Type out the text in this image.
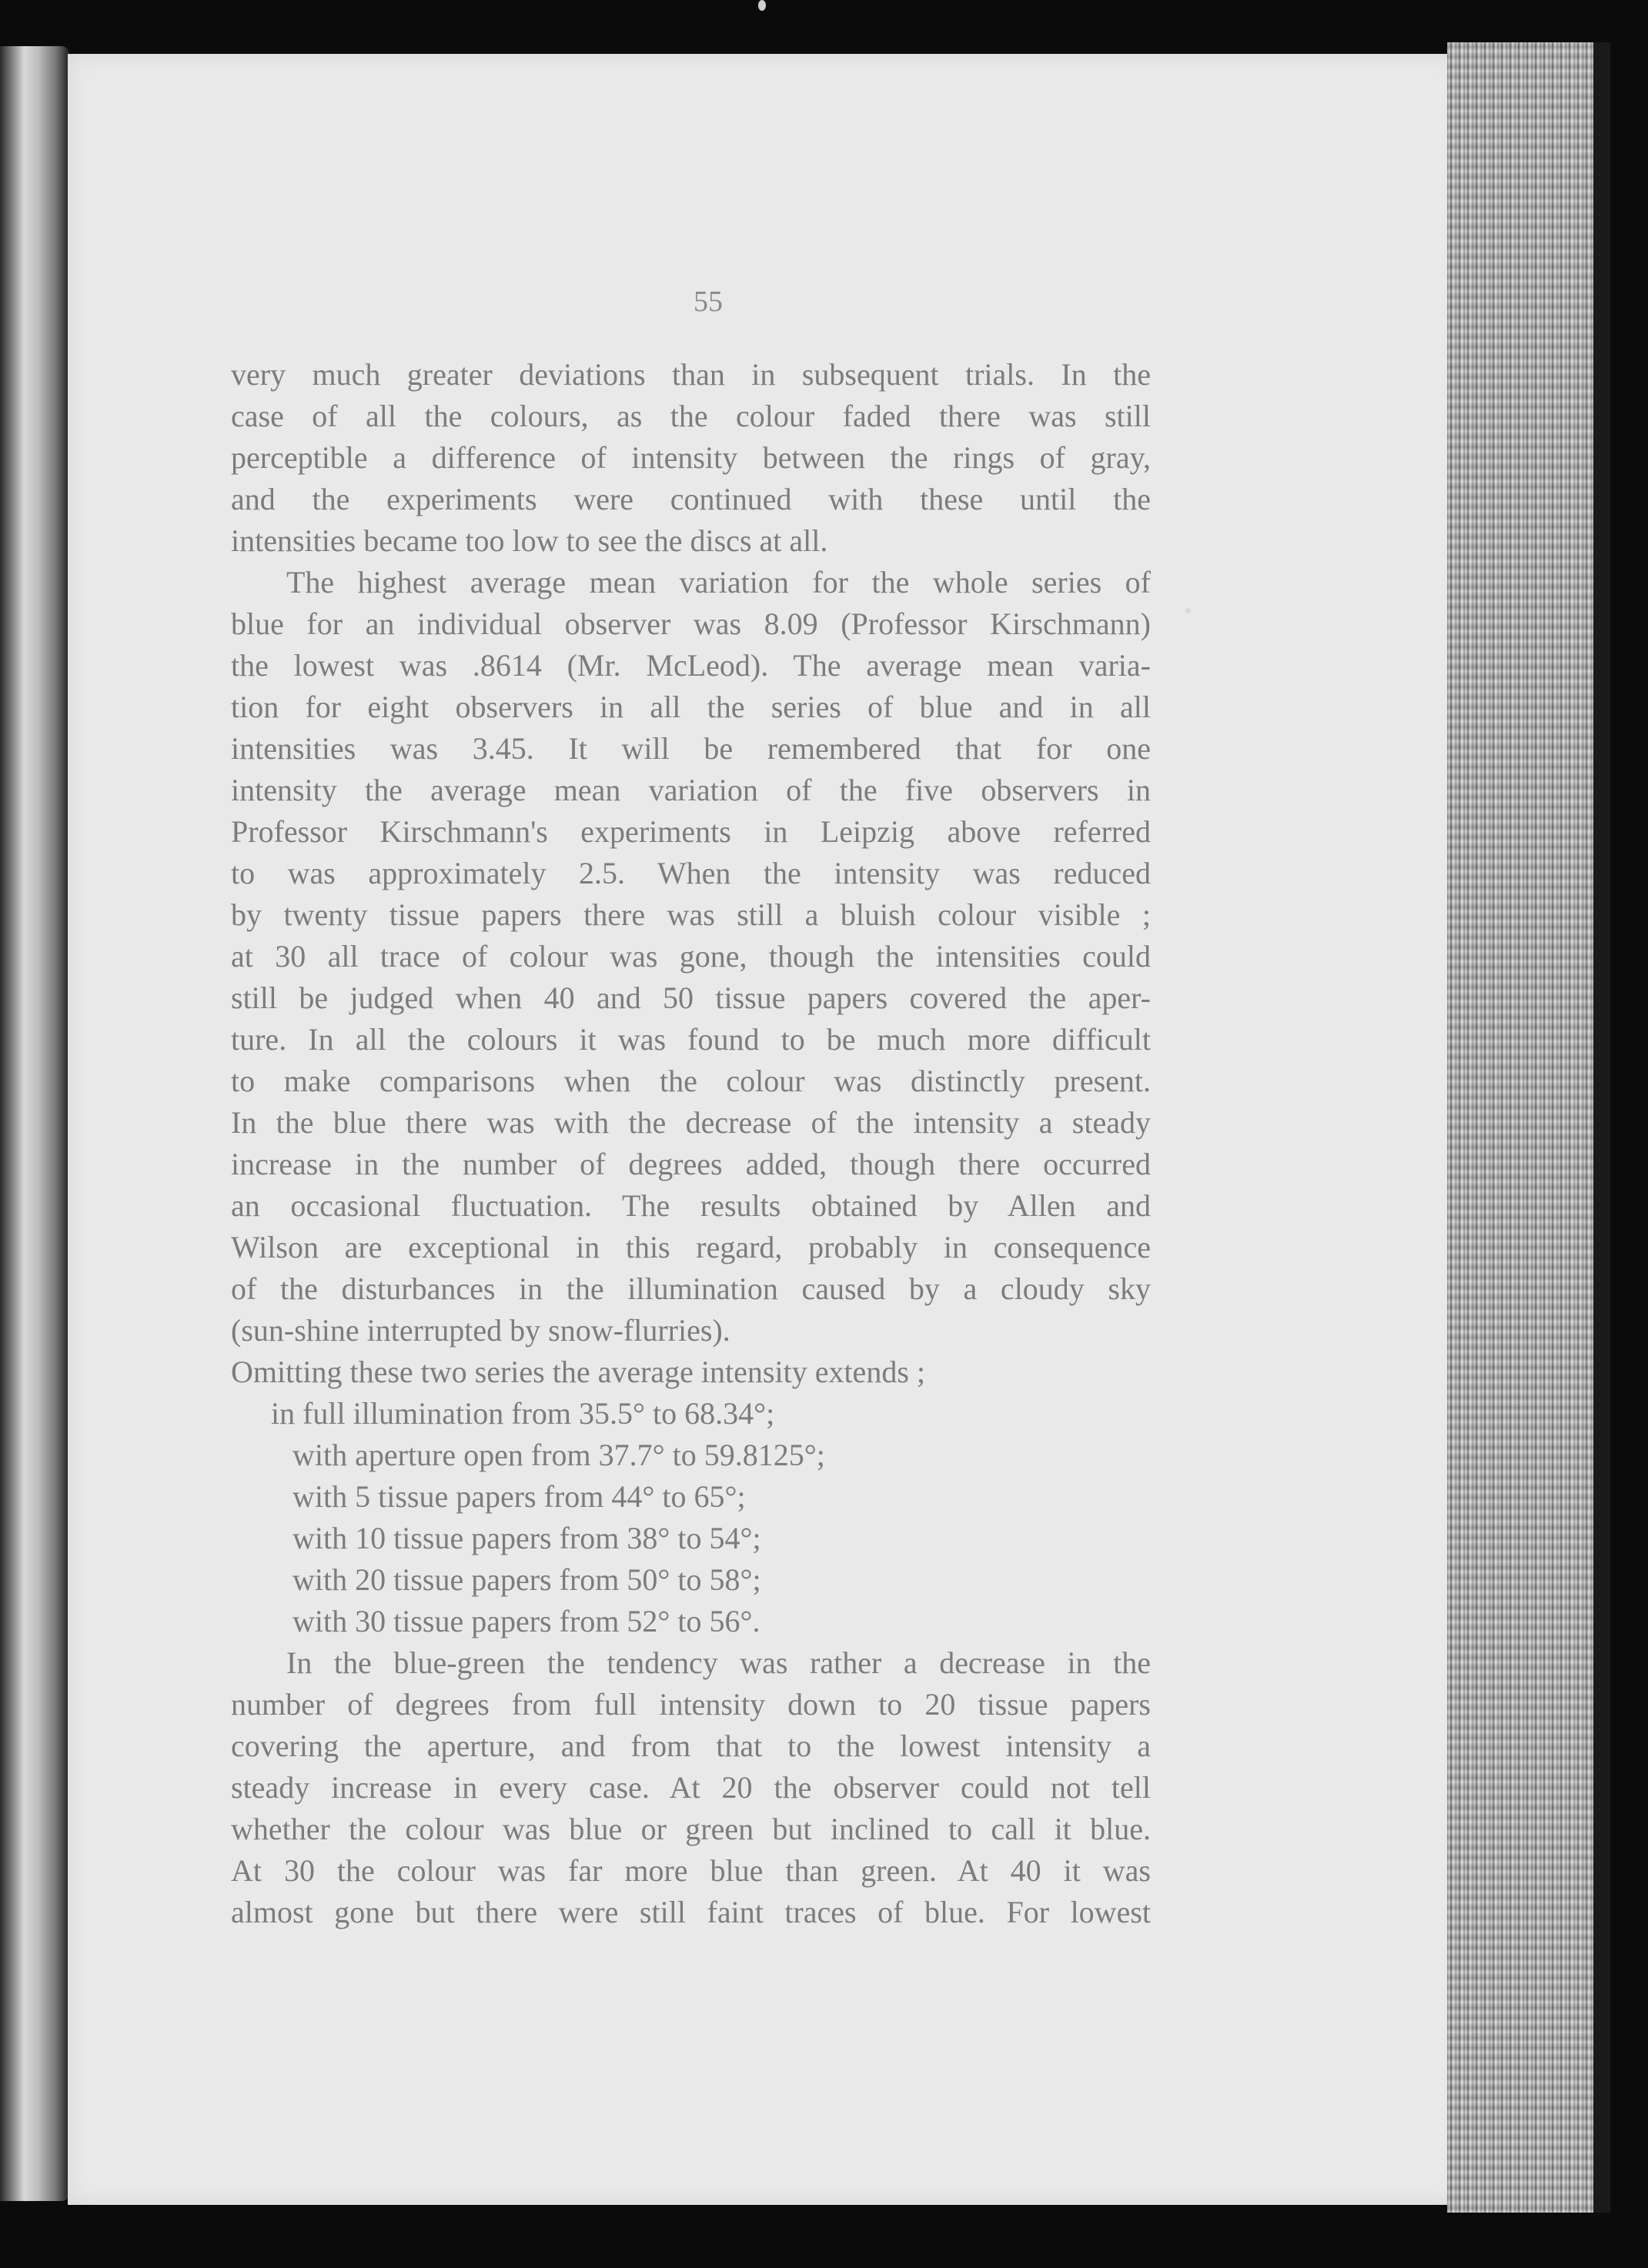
55

very much greater deviations than in subsequent trials. In the

case of all the colours, as the colour faded there was still

perceptible a difference of intensity between the rings of gray,

and the experiments were continued with these until the

intensities became too low to see the discs at all.

The highest average mean variation for the whole series of

blue for an individual observer was 8.09 (Professor Kirschmann)

the lowest was .8614 (Mr. McLeod). The average mean varia-

tion for eight observers in all the series of blue and in all

intensities was 3.45. It will be remembered that for one

intensity the average mean variation of the five observers in

Professor Kirschmann's experiments in Leipzig above referred

to was approximately 2.5. When the intensity was reduced

by twenty tissue papers there was still a bluish colour visible ;

at 30 all trace of colour was gone, though the intensities could

still be judged when 40 and 50 tissue papers covered the aper-

ture. In all the colours it was found to be much more difficult

to make comparisons when the colour was distinctly present.

In the blue there was with the decrease of the intensity a steady

increase in the number of degrees added, though there occurred

an occasional fluctuation. The results obtained by Allen and

Wilson are exceptional in this regard, probably in consequence

of the disturbances in the illumination caused by a cloudy sky

(sun-shine interrupted by snow-flurries).

Omitting these two series the average intensity extends ;
in full illumination from 35.5° to 68.34°;
with aperture open from 37.7° to 59.8125°;
with 5 tissue papers from 44° to 65°;
with 10 tissue papers from 38° to 54°;
with 20 tissue papers from 50° to 58°;
with 30 tissue papers from 52° to 56°.

In the blue-green the tendency was rather a decrease in the

number of degrees from full intensity down to 20 tissue papers

covering the aperture, and from that to the lowest intensity a

steady increase in every case. At 20 the observer could not tell

whether the colour was blue or green but inclined to call it blue.

At 30 the colour was far more blue than green. At 40 it was

almost gone but there were still faint traces of blue. For lowest
